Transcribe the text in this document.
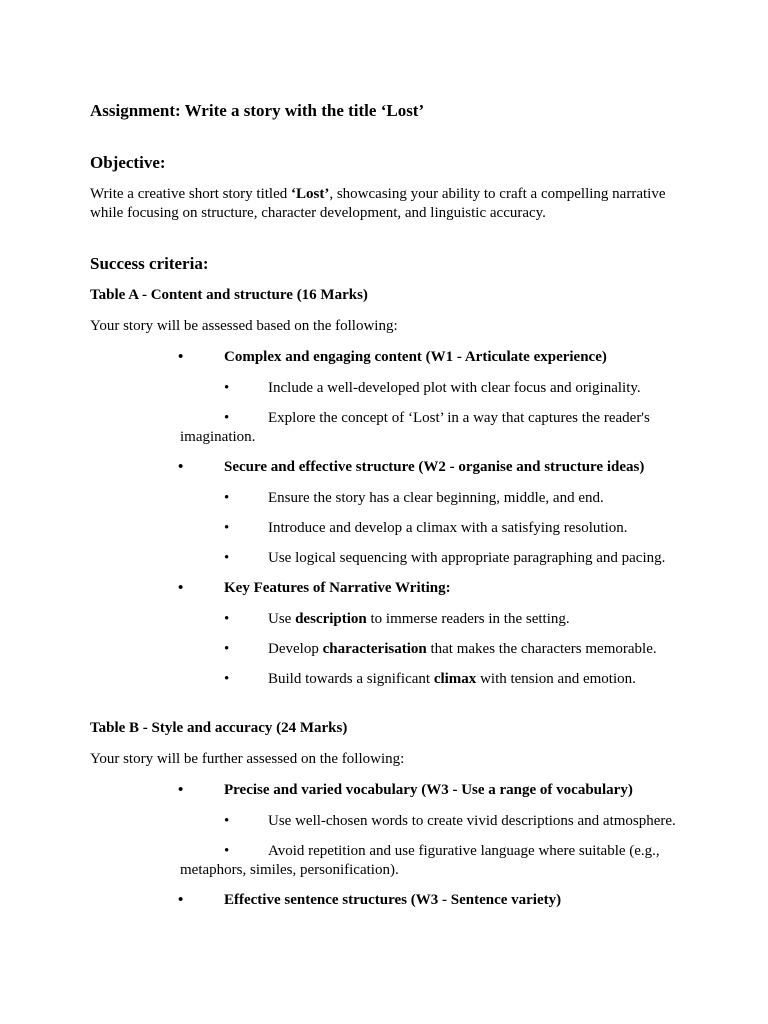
Assignment: Write a story with the title ‘Lost’
Objective:
Write a creative short story titled ‘Lost’, showcasing your ability to craft a compelling narrative while focusing on structure, character development, and linguistic accuracy.
Success criteria:
Table A - Content and structure (16 Marks)
Your story will be assessed based on the following:
•	Complex and engaging content (W1 - Articulate experience)
•	Include a well-developed plot with clear focus and originality.
•	Explore the concept of ‘Lost’ in a way that captures the reader's imagination.
•	Secure and effective structure (W2 - organise and structure ideas)
•	Ensure the story has a clear beginning, middle, and end.
•	Introduce and develop a climax with a satisfying resolution.
•	Use logical sequencing with appropriate paragraphing and pacing.
•	Key Features of Narrative Writing:
•	Use description to immerse readers in the setting.
•	Develop characterisation that makes the characters memorable.
•	Build towards a significant climax with tension and emotion.
Table B - Style and accuracy (24 Marks)
Your story will be further assessed on the following:
•	Precise and varied vocabulary (W3 - Use a range of vocabulary)
•	Use well-chosen words to create vivid descriptions and atmosphere.
•	Avoid repetition and use figurative language where suitable (e.g., metaphors, similes, personification).
•	Effective sentence structures (W3 - Sentence variety)
